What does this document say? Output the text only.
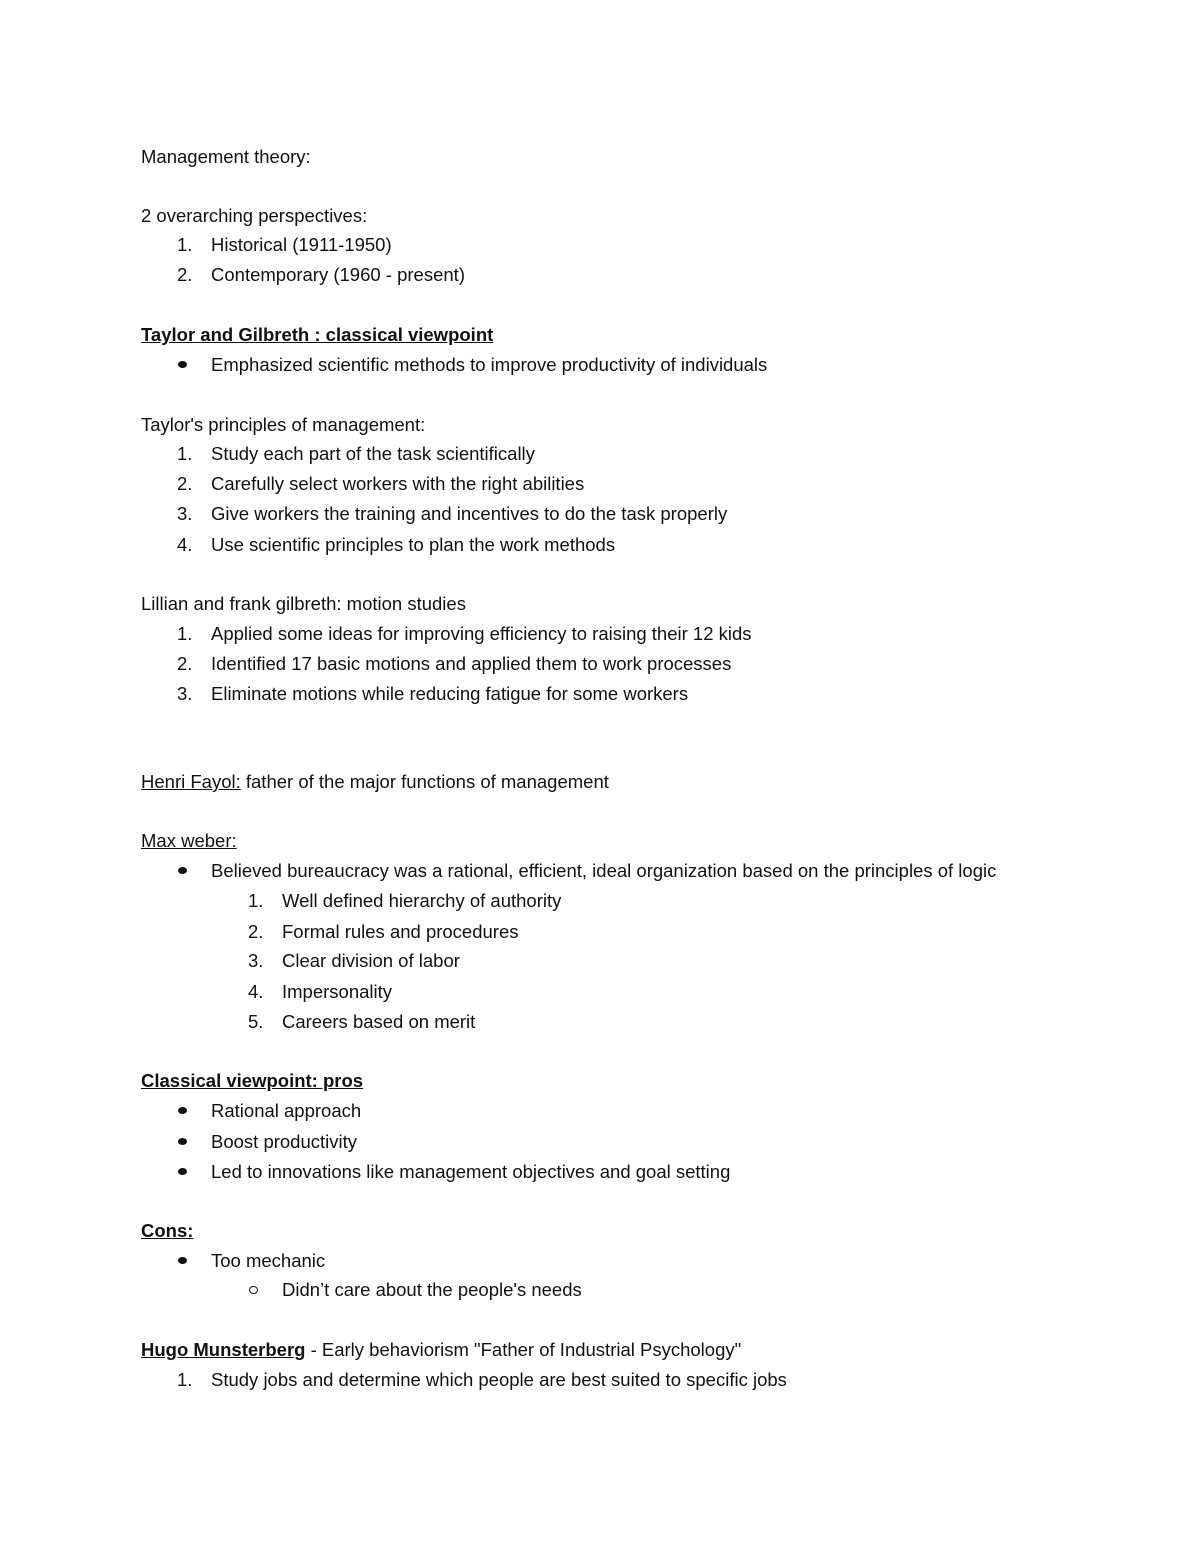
Management theory:
2 overarching perspectives:
1.	Historical (1911-1950)
2.	Contemporary (1960 - present)
Taylor and Gilbreth : classical viewpoint
Emphasized scientific methods to improve productivity of individuals
Taylor's principles of management:
1.	Study each part of the task scientifically
2.	Carefully select workers with the right abilities
3.	Give workers the training and incentives to do the task properly
4.	Use scientific principles to plan the work methods
Lillian and frank gilbreth: motion studies
1.	Applied some ideas for improving efficiency to raising their 12 kids
2.	Identified 17 basic motions and applied them to work processes
3.	Eliminate motions while reducing fatigue for some workers
Henri Fayol: father of the major functions of management
Max weber:
Believed bureaucracy was a rational, efficient, ideal organization based on the principles of logic
1.	Well defined hierarchy of authority
2.	Formal rules and procedures
3.	Clear division of labor
4.	Impersonality
5.	Careers based on merit
Classical viewpoint: pros
Rational approach
Boost productivity
Led to innovations like management objectives and goal setting
Cons:
Too mechanic
Didn’t care about the people's needs
Hugo Munsterberg - Early behaviorism "Father of Industrial Psychology"
1.	Study jobs and determine which people are best suited to specific jobs
